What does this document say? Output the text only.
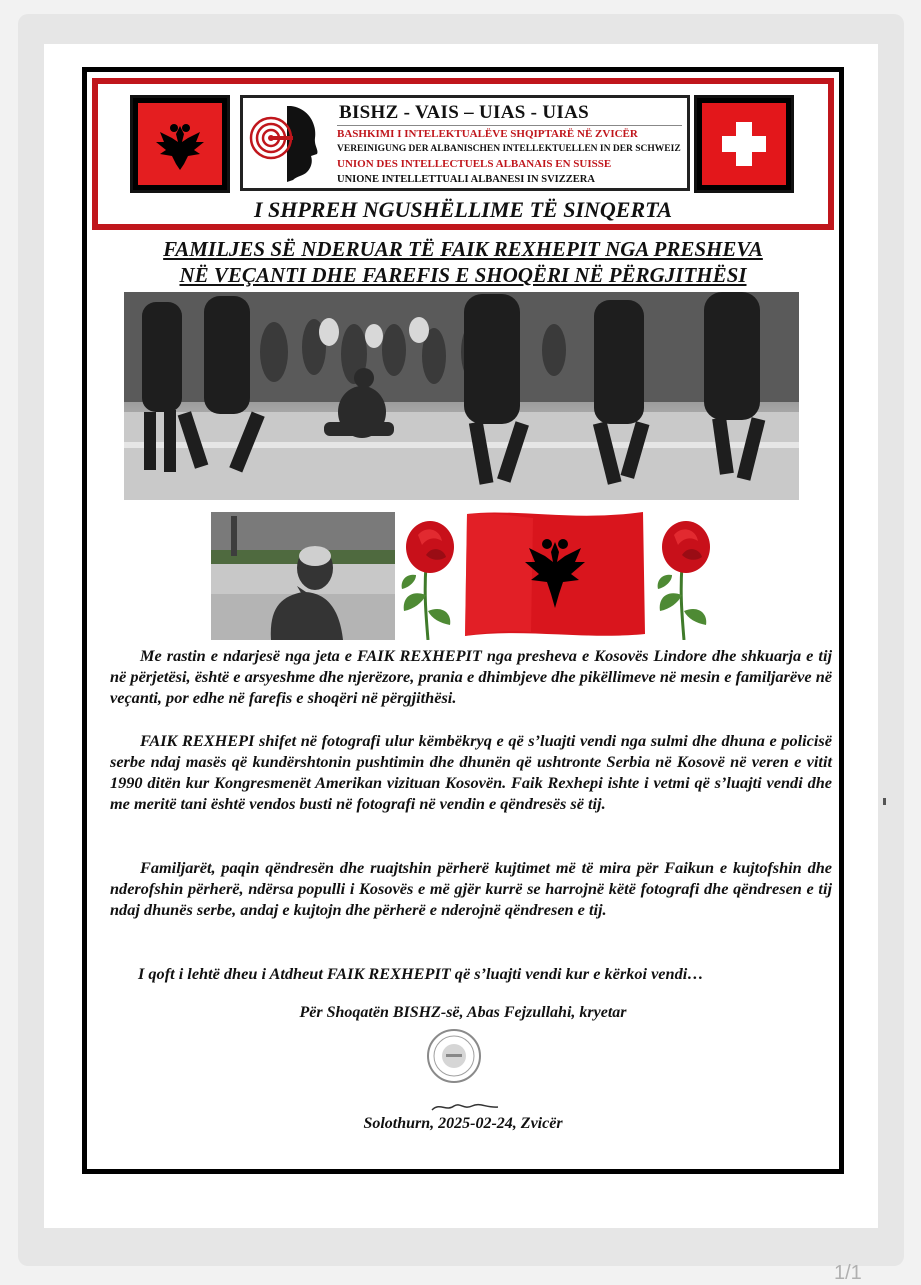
BISHZ - VAIS – UIAS - UIAS
BASHKIMI I INTELEKTUALËVE SHQIPTARË NË ZVICËR
VEREINIGUNG DER ALBANISCHEN INTELLEKTUELLEN IN DER SCHWEIZ
UNION DES INTELLECTUELS ALBANAIS EN SUISSE
UNIONE INTELLETTUALI ALBANESI IN SVIZZERA
I SHPREH NGUSHËLLIME TË SINQERTA
FAMILJES SË NDERUAR TË FAIK REXHEPIT NGA PRESHEVA
NË VEÇANTI DHE FAREFIS E SHOQËRI NË PËRGJITHËSI

Me rastin e ndarjesë nga jeta e FAIK REXHEPIT nga presheva e Kosovës Lindore dhe shkuarja e tij në përjetësi, është e arsyeshme dhe njerëzore, prania e dhimbjeve dhe pikëllimeve në mesin e familjarëve në veçanti, por edhe në farefis e shoqëri në përgjithësi.

FAIK REXHEPI shifet në fotografi ulur këmbëkryq e që s’luajti vendi nga sulmi dhe dhuna e policisë serbe ndaj masës që kundërshtonin pushtimin dhe dhunën që ushtronte Serbia në Kosovë në veren e vitit 1990 ditën kur Kongresmenët Amerikan vizituan Kosovën. Faik Rexhepi ishte i vetmi që s’luajti vendi dhe me meritë tani është vendos busti në fotografi në vendin e qëndresës së tij.

Familjarët, paqin qëndresën dhe ruajtshin përherë kujtimet më të mira për Faikun e kujtofshin dhe nderofshin përherë, ndërsa populli i Kosovës e më gjër kurrë se harrojnë këtë fotografi dhe qëndresen e tij ndaj dhunës serbe, andaj e kujtojn dhe përherë e nderojnë qëndresen e tij.

I qoft i lehtë dheu i Atdheut FAIK REXHEPIT që s’luajti vendi kur e kërkoi vendi…

Për Shoqatën BISHZ-së, Abas Fejzullahi, kryetar
Solothurn, 2025-02-24, Zvicër
1/1
